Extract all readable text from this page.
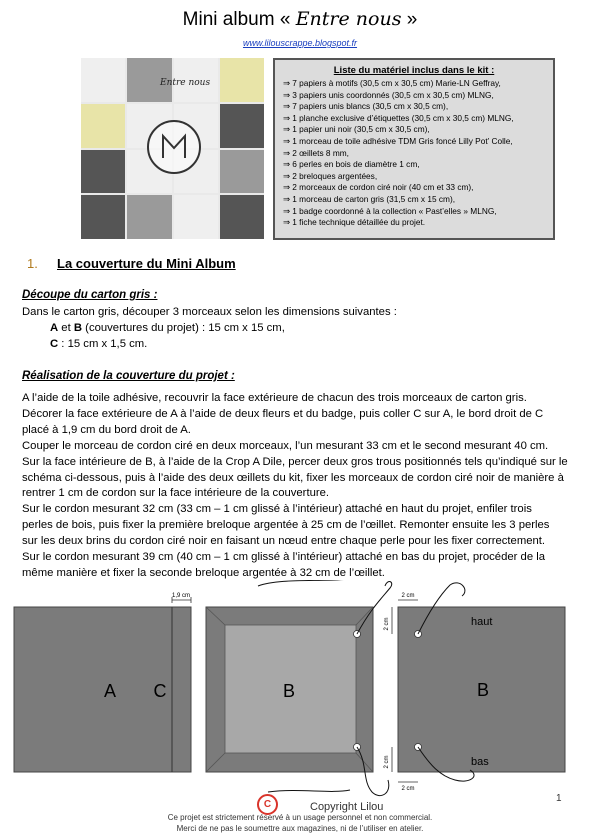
Mini album « Entre nous »
www.lilouscrappe.blogspot.fr
Entre nous
Liste du matériel inclus dans le kit :
⇒ 7 papiers à motifs (30,5 cm x 30,5 cm) Marie-LN Geffray,
⇒ 3 papiers unis coordonnés (30,5 cm x 30,5 cm) MLNG,
⇒ 7 papiers unis blancs (30,5 cm x 30,5 cm),
⇒ 1 planche exclusive d’étiquettes (30,5 cm x 30,5 cm) MLNG,
⇒ 1 papier uni noir (30,5 cm x 30,5 cm),
⇒ 1 morceau de toile adhésive TDM Gris foncé Lilly Pot’ Colle,
⇒ 2 œillets 8 mm,
⇒ 6 perles en bois de diamètre 1 cm,
⇒ 2 breloques argentées,
⇒ 2 morceaux de cordon ciré noir (40 cm et 33 cm),
⇒ 1 morceau de carton gris (31,5 cm x 15 cm),
⇒ 1 badge coordonné à la collection « Past’elles » MLNG,
⇒ 1 fiche technique détaillée du projet.
1. La couverture du Mini Album
Découpe du carton gris :
Dans le carton gris, découper 3 morceaux selon les dimensions suivantes :
A et B (couvertures du projet) : 15 cm x 15 cm,
C : 15 cm x 1,5 cm.
Réalisation de la couverture du projet :
A l’aide de la toile adhésive, recouvrir la face extérieure de chacun des trois morceaux de carton gris.
Décorer la face extérieure de A à l’aide de deux fleurs et du badge, puis coller C sur A, le bord droit de C
placé à 1,9 cm du bord droit de A.
Couper le morceau de cordon ciré en deux morceaux, l’un mesurant 33 cm et le second mesurant 40 cm.
Sur la face intérieure de B, à l’aide de la Crop A Dile, percer deux gros trous positionnés tels qu’indiqué sur le
schéma ci-dessous, puis à l’aide des deux œillets du kit, fixer les morceaux de cordon ciré noir de manière à
rentrer 1 cm de cordon sur la face intérieure de la couverture.
Sur le cordon mesurant 32 cm (33 cm – 1 cm glissé à l’intérieur) attaché en haut du projet, enfiler trois
perles de bois, puis fixer la première breloque argentée à 25 cm de l’œillet. Remonter ensuite les 3 perles
sur les deux brins du cordon ciré noir en faisant un nœud entre chaque perle pour les fixer correctement.
Sur le cordon mesurant 39 cm (40 cm – 1 cm glissé à l’intérieur) attaché en bas du projet, procéder de la
même manière et fixer la seconde breloque argentée à 32 cm de l’œillet.
1,9 cm
A C	B
2 cm
2 cm
2 cm
2 cm
B
haut
bas
C	Copyright Lilou
Ce projet est strictement réservé à un usage personnel et non commercial.
Merci de ne pas le soumettre aux magazines, ni de l’utiliser en atelier.
1
